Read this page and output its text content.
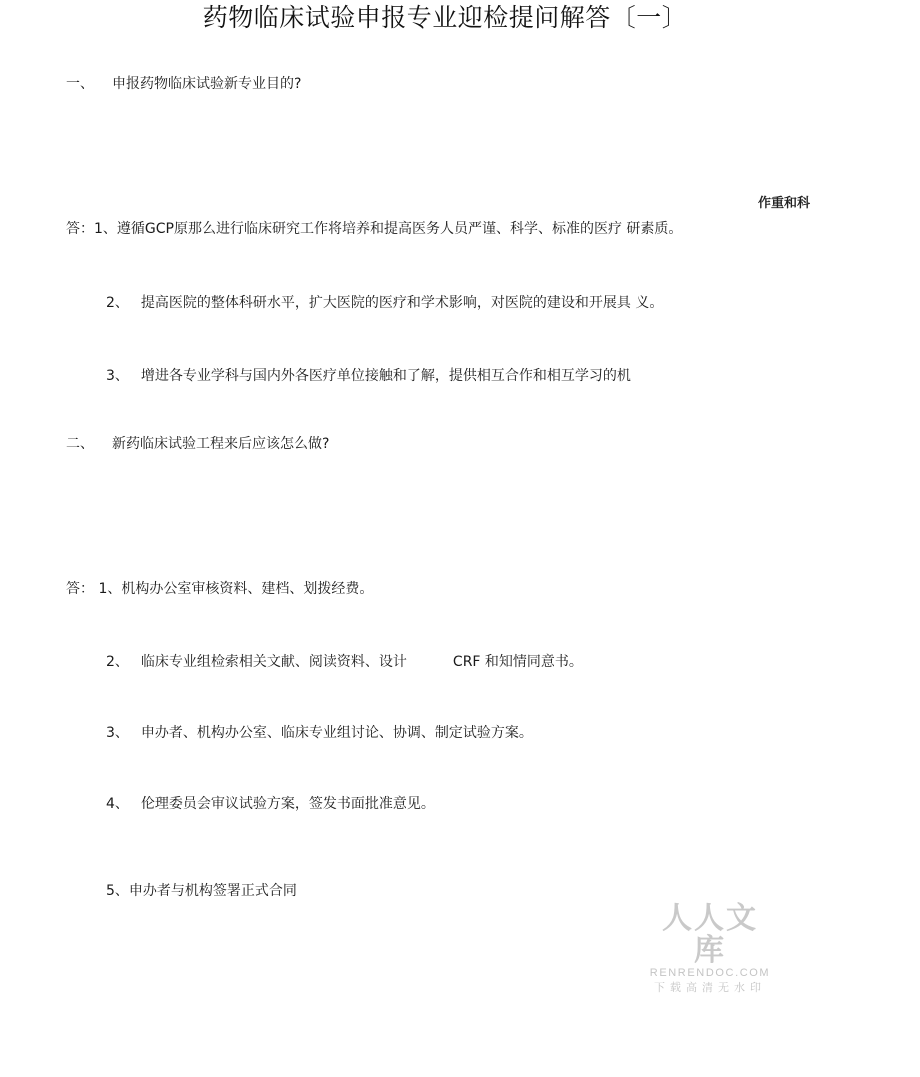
药物临床试验申报专业迎检提问解答〔一〕
一、 申报药物临床试验新专业目的?
作重和科
答：1、遵循GCP原那么进行临床研究工作将培养和提高医务人员严谨、科学、标准的医疗 研素质。
2、 提高医院的整体科研水平，扩大医院的医疗和学术影响，对医院的建设和开展具 义。
3、 增进各专业学科与国内外各医疗单位接触和了解，提供相互合作和相互学习的机
二、 新药临床试验工程来后应该怎么做?
答： 1、机构办公室审核资料、建档、划拨经费。
2、 临床专业组检索相关文献、阅读资料、设计	CRF 和知情同意书。
3、 申办者、机构办公室、临床专业组讨论、协调、制定试验方案。
4、 伦理委员会审议试验方案，签发书面批准意见。
5、申办者与机构签署正式合同
人人文库
RENRENDOC.COM
下载高清无水印
